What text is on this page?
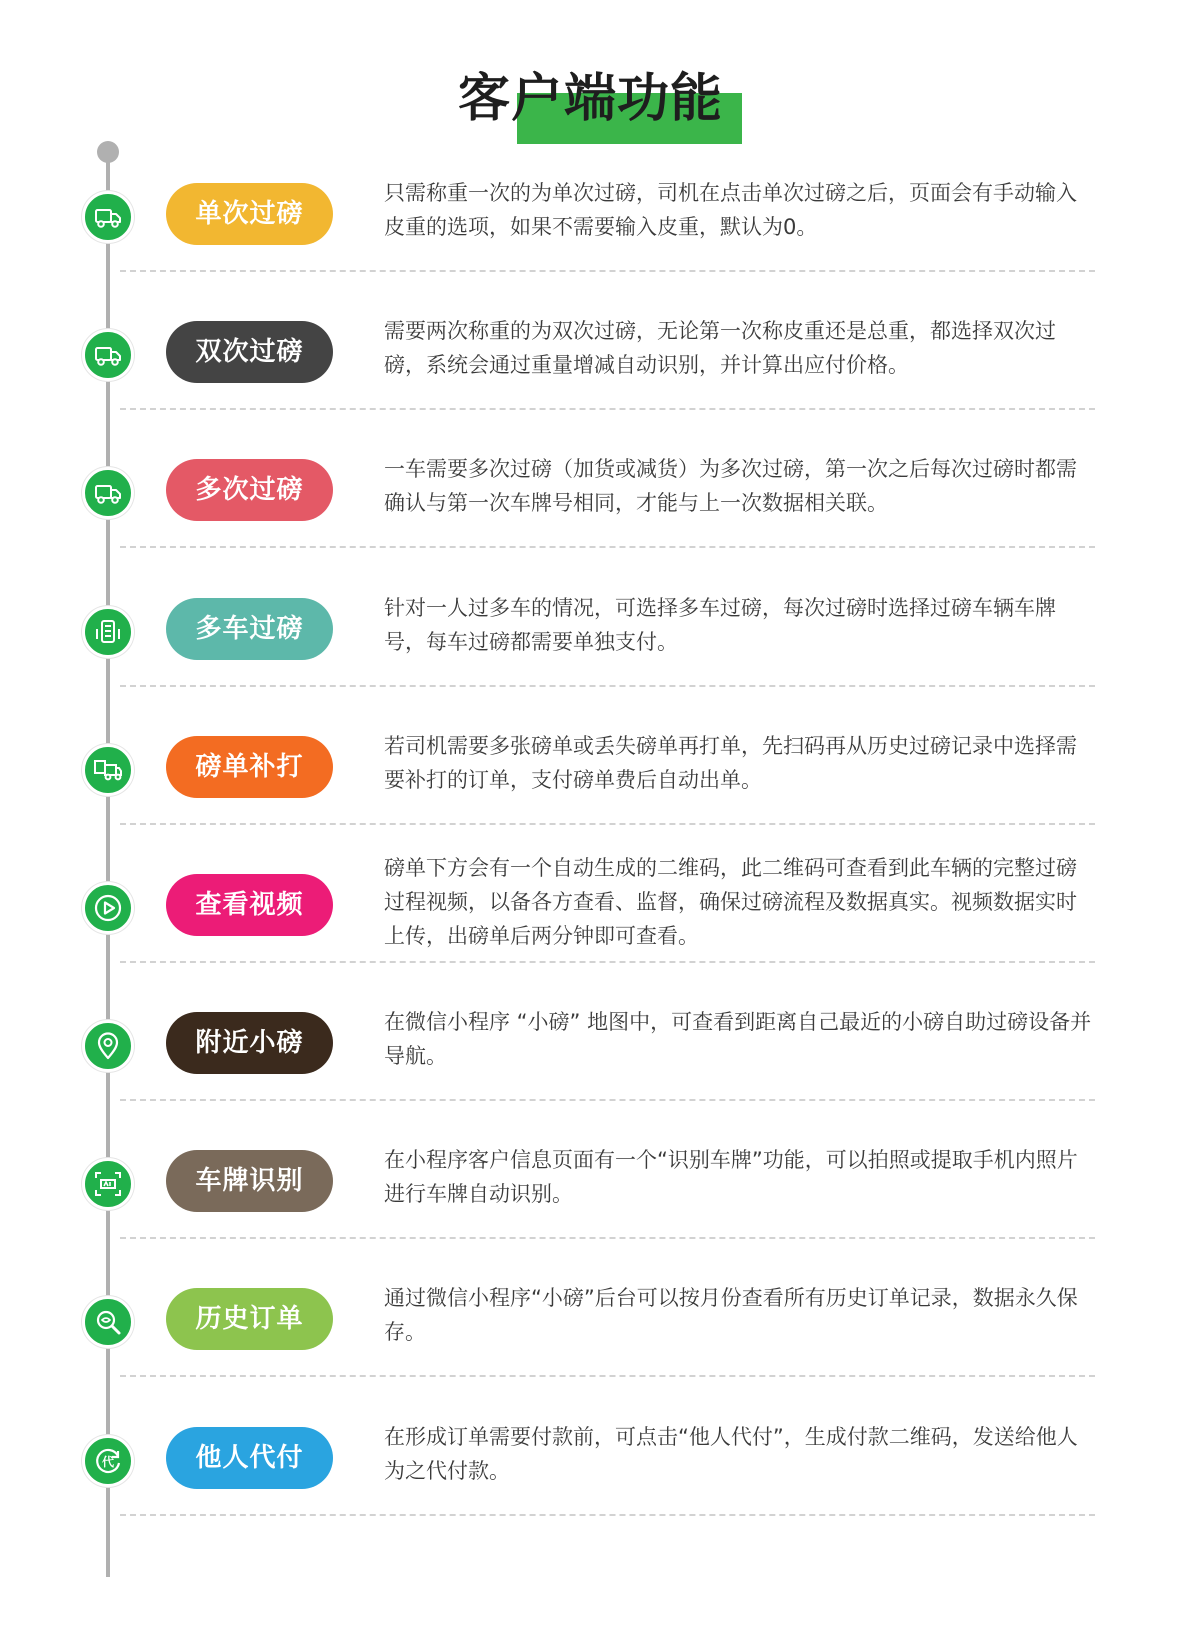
客户端功能
单次过磅
只需称重一次的为单次过磅，司机在点击单次过磅之后，页面会有手动输入皮重的选项，如果不需要输入皮重，默认为0。
双次过磅
需要两次称重的为双次过磅，无论第一次称皮重还是总重，都选择双次过磅，系统会通过重量增减自动识别，并计算出应付价格。
多次过磅
一车需要多次过磅（加货或减货）为多次过磅，第一次之后每次过磅时都需确认与第一次车牌号相同，才能与上一次数据相关联。
多车过磅
针对一人过多车的情况，可选择多车过磅，每次过磅时选择过磅车辆车牌号，每车过磅都需要单独支付。
磅单补打
若司机需要多张磅单或丢失磅单再打单，先扫码再从历史过磅记录中选择需要补打的订单，支付磅单费后自动出单。
查看视频
磅单下方会有一个自动生成的二维码，此二维码可查看到此车辆的完整过磅过程视频，以备各方查看、监督，确保过磅流程及数据真实。视频数据实时上传，出磅单后两分钟即可查看。
附近小磅
在微信小程序 “小磅” 地图中，可查看到距离自己最近的小磅自助过磅设备并导航。
车牌识别
在小程序客户信息页面有一个“识别车牌”功能，可以拍照或提取手机内照片进行车牌自动识别。
历史订单
通过微信小程序“小磅”后台可以按月份查看所有历史订单记录，数据永久保存。
代	他人代付
在形成订单需要付款前，可点击“他人代付”，生成付款二维码，发送给他人为之代付款。
